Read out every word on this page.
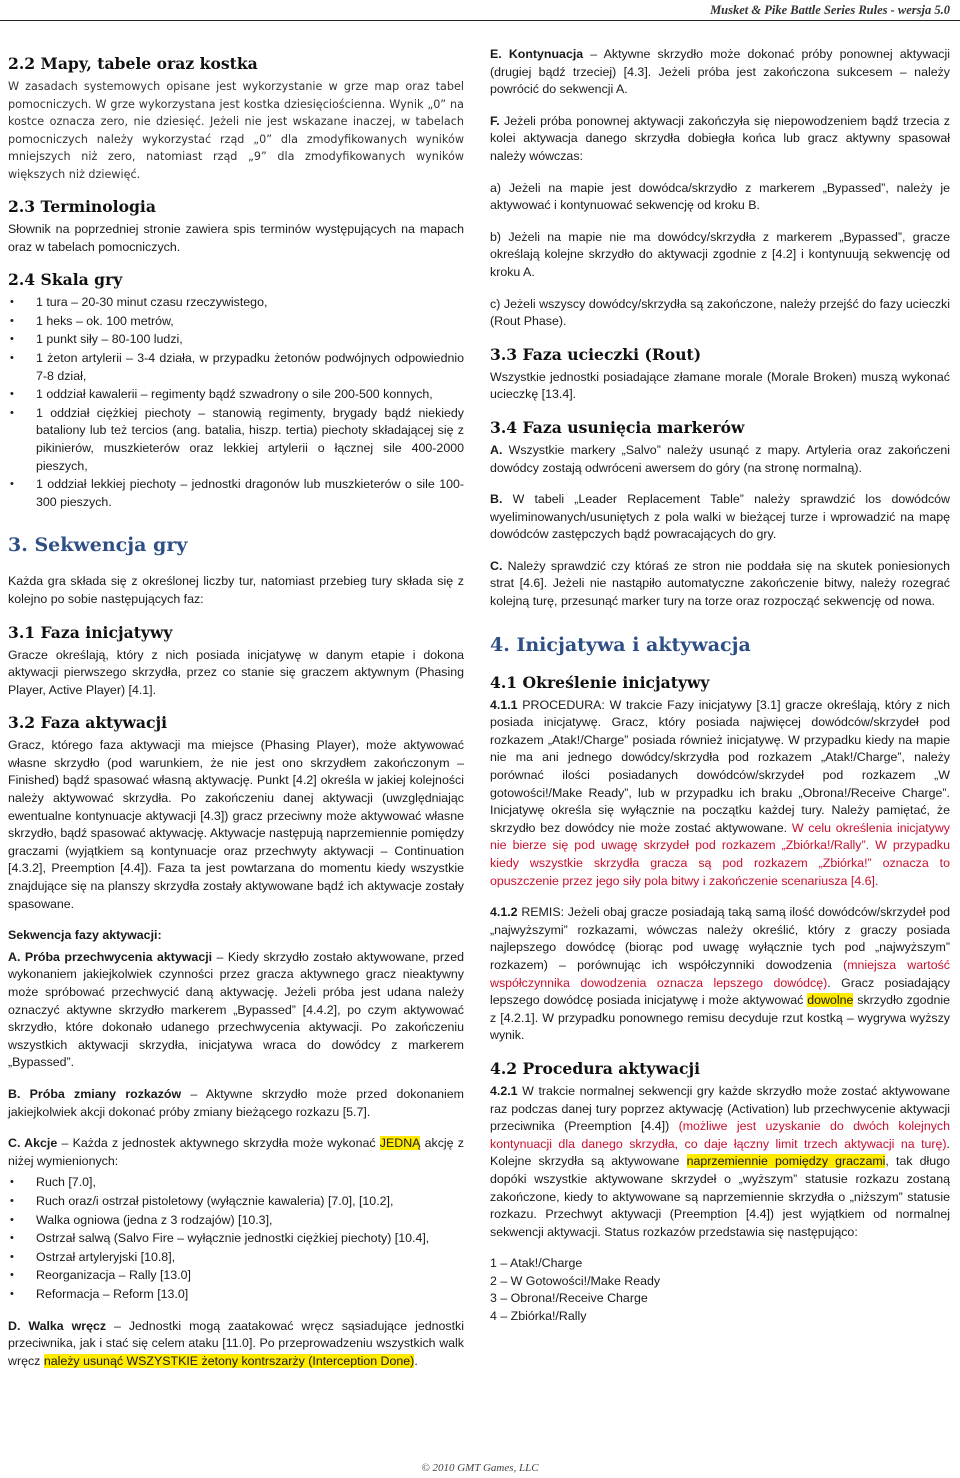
Musket & Pike Battle Series Rules - wersja 5.0
2.2 Mapy, tabele oraz kostka

W zasadach systemowych opisane jest wykorzystanie w grze map oraz tabel pomocniczych. W grze wykorzystana jest kostka dziesięciościenna. Wynik „0” na kostce oznacza zero, nie dziesięć. Jeżeli nie jest wskazane inaczej, w tabelach pomocniczych należy wykorzystać rząd „0” dla zmodyfikowanych wyników mniejszych niż zero, natomiast rząd „9” dla zmodyfikowanych wyników większych niż dziewięć.

2.3 Terminologia

Słownik na poprzedniej stronie zawiera spis terminów występujących na mapach oraz w tabelach pomocniczych.

2.4 Skala gry
• 1 tura – 20-30 minut czasu rzeczywistego,
• 1 heks – ok. 100 metrów,
• 1 punkt siły – 80-100 ludzi,
• 1 żeton artylerii – 3-4 działa, w przypadku żetonów podwójnych odpowiednio 7-8 dział,
• 1 oddział kawalerii – regimenty bądź szwadrony o sile 200-500 konnych,
• 1 oddział ciężkiej piechoty – stanowią regimenty, brygady bądź niekiedy bataliony lub też tercios (ang. batalia, hiszp. tertia) piechoty składającej się z pikinierów, muszkieterów oraz lekkiej artylerii o łącznej sile 400-2000 pieszych,
• 1 oddział lekkiej piechoty – jednostki dragonów lub muszkieterów o sile 100-300 pieszych.
3. Sekwencja gry

Każda gra składa się z określonej liczby tur, natomiast przebieg tury składa się z kolejno po sobie następujących faz:

3.1 Faza inicjatywy

Gracze określają, który z nich posiada inicjatywę w danym etapie i dokona aktywacji pierwszego skrzydła, przez co stanie się graczem aktywnym (Phasing Player, Active Player) [4.1].

3.2 Faza aktywacji

Gracz, którego faza aktywacji ma miejsce (Phasing Player), może aktywować własne skrzydło (pod warunkiem, że nie jest ono skrzydłem zakończonym – Finished) bądź spasować własną aktywację. Punkt [4.2] określa w jakiej kolejności należy aktywować skrzydła. Po zakończeniu danej aktywacji (uwzględniając ewentualne kontynuacje aktywacji [4.3]) gracz przeciwny może aktywować własne skrzydło, bądź spasować aktywację. Aktywacje następują naprzemiennie pomiędzy graczami (wyjątkiem są kontynuacje oraz przechwyty aktywacji – Continuation [4.3.2], Preemption [4.4]). Faza ta jest powtarzana do momentu kiedy wszystkie znajdujące się na planszy skrzydła zostały aktywowane bądź ich aktywacje zostały spasowane.

Sekwencja fazy aktywacji:

A. Próba przechwycenia aktywacji – Kiedy skrzydło zostało aktywowane, przed wykonaniem jakiejkolwiek czynności przez gracza aktywnego gracz nieaktywny może spróbować przechwycić daną aktywację. Jeżeli próba jest udana należy oznaczyć aktywne skrzydło markerem „Bypassed” [4.4.2], po czym aktywować skrzydło, które dokonało udanego przechwycenia aktywacji. Po zakończeniu wszystkich aktywacji skrzydła, inicjatywa wraca do dowódcy z markerem „Bypassed”.

B. Próba zmiany rozkazów – Aktywne skrzydło może przed dokonaniem jakiejkolwiek akcji dokonać próby zmiany bieżącego rozkazu [5.7].

C. Akcje – Każda z jednostek aktywnego skrzydła może wykonać JEDNĄ akcję z niżej wymienionych:

• Ruch [7.0],
• Ruch oraz/i ostrzał pistoletowy (wyłącznie kawaleria) [7.0], [10.2],
• Walka ogniowa (jedna z 3 rodzajów) [10.3],
• Ostrzał salwą (Salvo Fire – wyłącznie jednostki ciężkiej piechoty) [10.4],
• Ostrzał artyleryjski [10.8],
• Reorganizacja – Rally [13.0]
• Reformacja – Reform [13.0]

D. Walka wręcz – Jednostki mogą zaatakować wręcz sąsiadujące jednostki przeciwnika, jak i stać się celem ataku [11.0]. Po przeprowadzeniu wszystkich walk wręcz należy usunąć WSZYSTKIE żetony kontrszarży (Interception Done).

E. Kontynuacja – Aktywne skrzydło może dokonać próby ponownej aktywacji (drugiej bądź trzeciej) [4.3]. Jeżeli próba jest zakończona sukcesem – należy powrócić do sekwencji A.

F. Jeżeli próba ponownej aktywacji zakończyła się niepowodzeniem bądź trzecia z kolei aktywacja danego skrzydła dobiegła końca lub gracz aktywny spasował należy wówczas:

a) Jeżeli na mapie jest dowódca/skrzydło z markerem „Bypassed”, należy je aktywować i kontynuować sekwencję od kroku B.

b) Jeżeli na mapie nie ma dowódcy/skrzydła z markerem „Bypassed”, gracze określają kolejne skrzydło do aktywacji zgodnie z [4.2] i kontynuują sekwencję od kroku A.

c) Jeżeli wszyscy dowódcy/skrzydła są zakończone, należy przejść do fazy ucieczki (Rout Phase).

3.3 Faza ucieczki (Rout)

Wszystkie jednostki posiadające złamane morale (Morale Broken) muszą wykonać ucieczkę [13.4].

3.4 Faza usunięcia markerów

A. Wszystkie markery „Salvo” należy usunąć z mapy. Artyleria oraz zakończeni dowódcy zostają odwróceni awersem do góry (na stronę normalną).

B. W tabeli „Leader Replacement Table” należy sprawdzić los dowódców wyeliminowanych/usuniętych z pola walki w bieżącej turze i wprowadzić na mapę dowódców zastępczych bądź powracających do gry.

C. Należy sprawdzić czy któraś ze stron nie poddała się na skutek poniesionych strat [4.6]. Jeżeli nie nastąpiło automatyczne zakończenie bitwy, należy rozegrać kolejną turę, przesunąć marker tury na torze oraz rozpocząć sekwencję od nowa.

4. Inicjatywa i aktywacja
4.1 Określenie inicjatywy

4.1.1 PROCEDURA: W trakcie Fazy inicjatywy [3.1] gracze określają, który z nich posiada inicjatywę. Gracz, który posiada najwięcej dowódców/skrzydeł pod rozkazem „Atak!/Charge” posiada również inicjatywę. W przypadku kiedy na mapie nie ma ani jednego dowódcy/skrzydła pod rozkazem „Atak!/Charge”, należy porównać ilości posiadanych dowódców/skrzydeł pod rozkazem „W gotowości!/Make Ready”, lub w przypadku ich braku „Obrona!/Receive Charge”. Inicjatywę określa się wyłącznie na początku każdej tury. Należy pamiętać, że skrzydło bez dowódcy nie może zostać aktywowane. W celu określenia inicjatywy nie bierze się pod uwagę skrzydeł pod rozkazem „Zbiórka!/Rally”. W przypadku kiedy wszystkie skrzydła gracza są pod rozkazem „Zbiórka!” oznacza to opuszczenie przez jego siły pola bitwy i zakończenie scenariusza [4.6].

4.1.2 REMIS: Jeżeli obaj gracze posiadają taką samą ilość dowódców/skrzydeł pod „najwyższymi” rozkazami, wówczas należy określić, który z graczy posiada najlepszego dowódcę (biorąc pod uwagę wyłącznie tych pod „najwyższym” rozkazem) – porównując ich współczynniki dowodzenia (mniejsza wartość współczynnika dowodzenia oznacza lepszego dowódcę). Gracz posiadający lepszego dowódcę posiada inicjatywę i może aktywować dowolne skrzydło zgodnie z [4.2.1]. W przypadku ponownego remisu decyduje rzut kostką – wygrywa wyższy wynik.

4.2 Procedura aktywacji

4.2.1 W trakcie normalnej sekwencji gry każde skrzydło może zostać aktywowane raz podczas danej tury poprzez aktywację (Activation) lub przechwycenie aktywacji przeciwnika (Preemption [4.4]) (możliwe jest uzyskanie do dwóch kolejnych kontynuacji dla danego skrzydła, co daje łączny limit trzech aktywacji na turę). Kolejne skrzydła są aktywowane naprzemiennie pomiędzy graczami, tak długo dopóki wszystkie aktywowane skrzydeł o „wyższym” statusie rozkazu zostaną zakończone, kiedy to aktywowane są naprzemiennie skrzydła o „niższym” statusie rozkazu. Przechwyt aktywacji (Preemption [4.4]) jest wyjątkiem od normalnej sekwencji aktywacji. Status rozkazów przedstawia się następująco:

1 – Atak!/Charge
2 – W Gotowości!/Make Ready
3 – Obrona!/Receive Charge
4 – Zbiórka!/Rally
© 2010 GMT Games, LLC
